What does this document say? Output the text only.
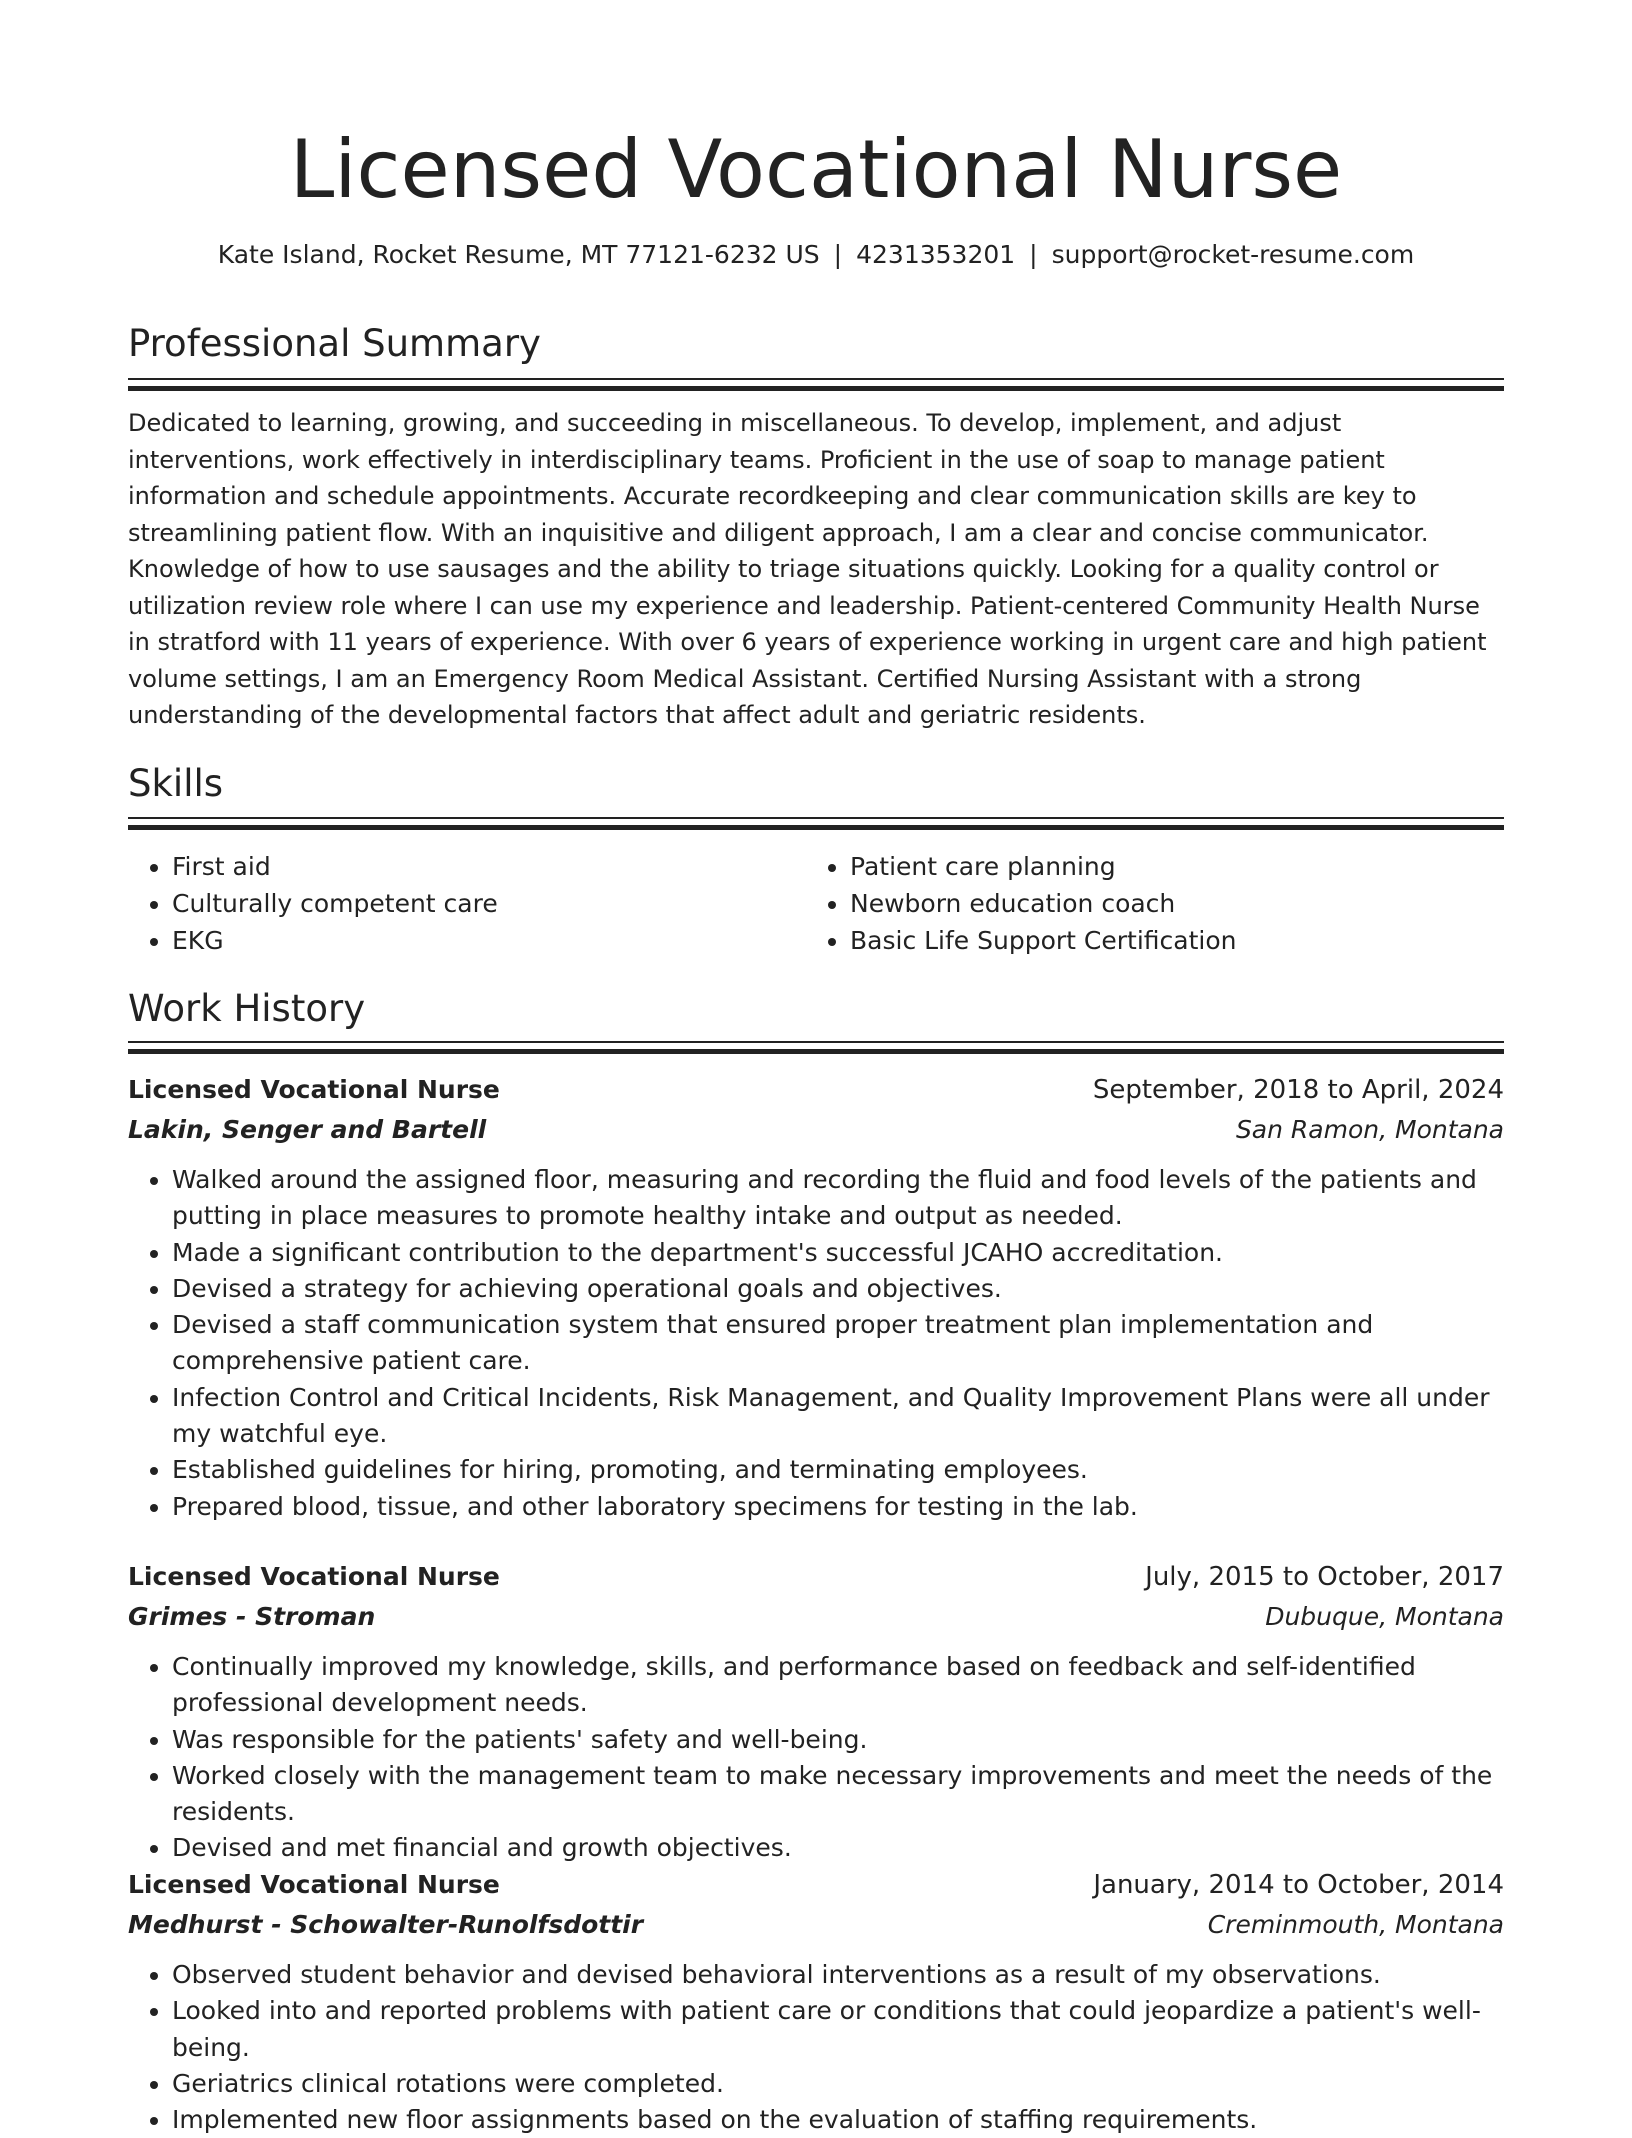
Licensed Vocational Nurse
Kate Island, Rocket Resume, MT 77121-6232 US | 4231353201 | support@rocket-resume.com
Professional Summary

Dedicated to learning, growing, and succeeding in miscellaneous. To develop, implement, and adjust interventions, work effectively in interdisciplinary teams. Proficient in the use of soap to manage patient information and schedule appointments. Accurate recordkeeping and clear communication skills are key to streamlining patient flow. With an inquisitive and diligent approach, I am a clear and concise communicator. Knowledge of how to use sausages and the ability to triage situations quickly. Looking for a quality control or utilization review role where I can use my experience and leadership. Patient-centered Community Health Nurse in stratford with 11 years of experience. With over 6 years of experience working in urgent care and high patient volume settings, I am an Emergency Room Medical Assistant. Certified Nursing Assistant with a strong understanding of the developmental factors that affect adult and geriatric residents.

Skills
• First aid
• Culturally competent care
• EKG
• Patient care planning
• Newborn education coach
• Basic Life Support Certification
Work History
Licensed Vocational Nurse	September, 2018 to April, 2024
Lakin, Senger and Bartell	San Ramon, Montana
• Walked around the assigned floor, measuring and recording the fluid and food levels of the patients and putting in place measures to promote healthy intake and output as needed.
• Made a significant contribution to the department's successful JCAHO accreditation.
• Devised a strategy for achieving operational goals and objectives.
• Devised a staff communication system that ensured proper treatment plan implementation and comprehensive patient care.
• Infection Control and Critical Incidents, Risk Management, and Quality Improvement Plans were all under my watchful eye.
• Established guidelines for hiring, promoting, and terminating employees.
• Prepared blood, tissue, and other laboratory specimens for testing in the lab.
Licensed Vocational Nurse	July, 2015 to October, 2017
Grimes - Stroman	Dubuque, Montana
• Continually improved my knowledge, skills, and performance based on feedback and self-identified professional development needs.
• Was responsible for the patients' safety and well-being.
• Worked closely with the management team to make necessary improvements and meet the needs of the residents.
• Devised and met financial and growth objectives.
Licensed Vocational Nurse	January, 2014 to October, 2014
Medhurst - Schowalter-Runolfsdottir	Creminmouth, Montana
• Observed student behavior and devised behavioral interventions as a result of my observations.
• Looked into and reported problems with patient care or conditions that could jeopardize a patient's well-being.
• Geriatrics clinical rotations were completed.
• Implemented new floor assignments based on the evaluation of staffing requirements.
